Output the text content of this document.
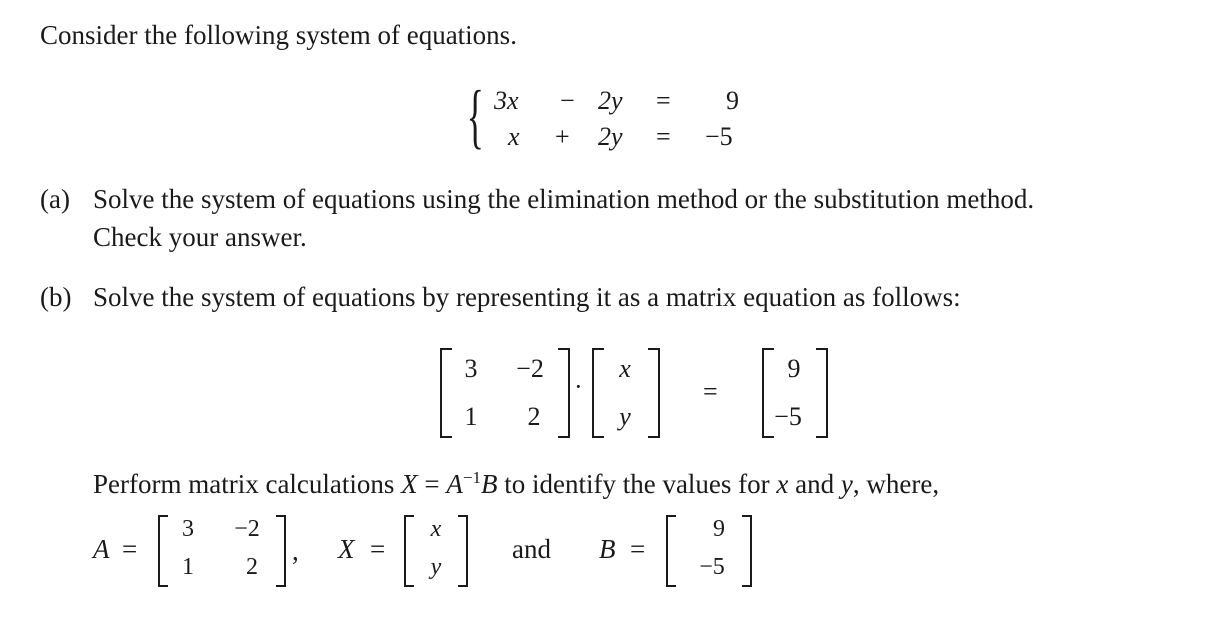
Consider the following system of equations.
{ 3x − 2y = 9
x + 2y = −5
(a) Solve the system of equations using the elimination method or the substitution method.
Check your answer.
(b) Solve the system of equations by representing it as a matrix equation as follows:
3	−2
1	2
·
x
y
=
9
−5
Perform matrix calculations $X = A^{-1}B$ to identify the values for x and y, where,
A =
3	−2
1	2
, X =
x
y
and B =
9
−5
